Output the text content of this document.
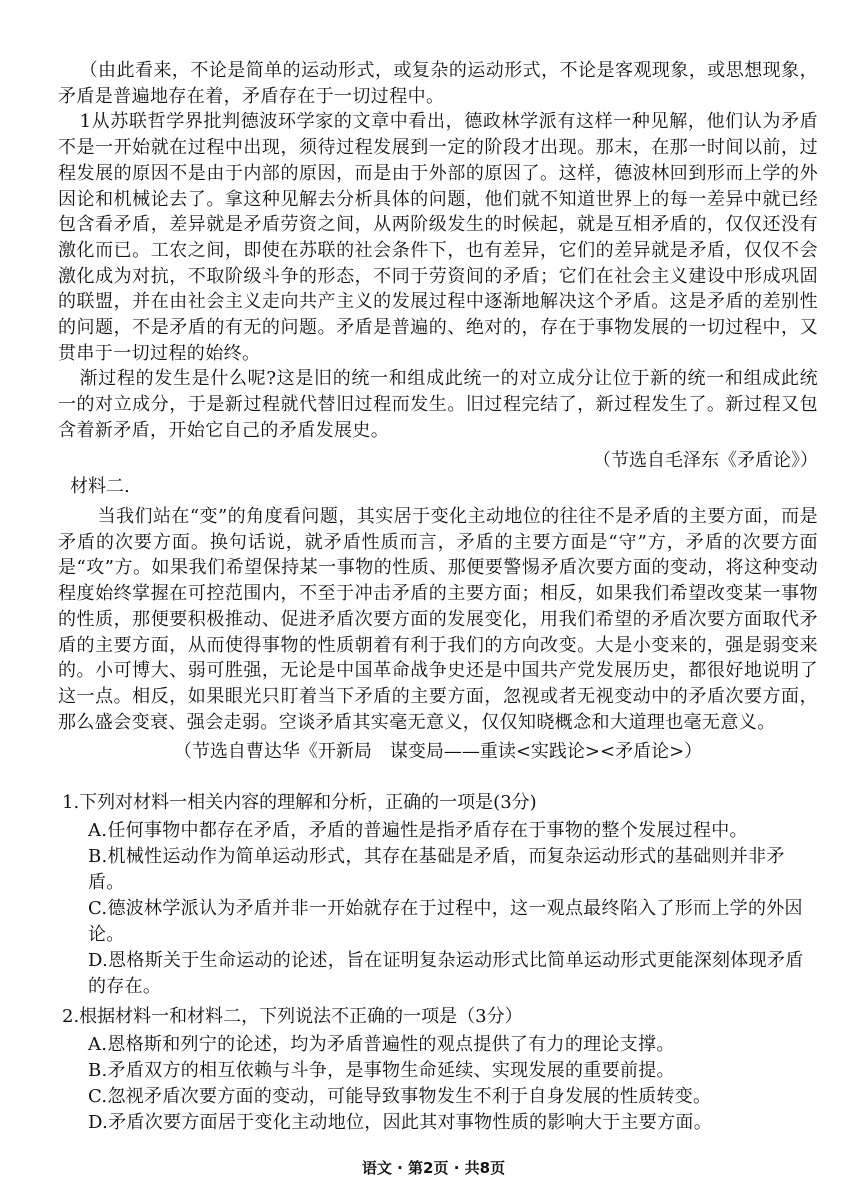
（由此看来，不论是简单的运动形式，或复杂的运动形式，不论是客观现象，或思想现象，矛盾是普遍地存在着，矛盾存在于一切过程中。

1从苏联哲学界批判德波环学家的文章中看出，德政林学派有这样一种见解，他们认为矛盾不是一开始就在过程中出现，须待过程发展到一定的阶段才出现。那末，在那一时间以前，过程发展的原因不是由于内部的原因，而是由于外部的原因了。这样，德波林回到形而上学的外因论和机械论去了。拿这种见解去分析具体的问题，他们就不知道世界上的每一差异中就已经包含看矛盾，差异就是矛盾劳资之间，从两阶级发生的时候起，就是互相矛盾的，仅仅还没有激化而已。工农之间，即使在苏联的社会条件下，也有差异，它们的差异就是矛盾，仅仅不会激化成为对抗，不取阶级斗争的形态，不同于劳资间的矛盾；它们在社会主义建设中形成巩固的联盟，并在由社会主义走向共产主义的发展过程中逐渐地解决这个矛盾。这是矛盾的差别性的问题，不是矛盾的有无的问题。矛盾是普遍的、绝对的，存在于事物发展的一切过程中，又贯串于一切过程的始终。

渐过程的发生是什么呢?这是旧的统一和组成此统一的对立成分让位于新的统一和组成此统一的对立成分，于是新过程就代替旧过程而发生。旧过程完结了，新过程发生了。新过程又包含着新矛盾，开始它自己的矛盾发展史。

（节选自毛泽东《矛盾论》）

材料二.

当我们站在“变”的角度看问题，其实居于变化主动地位的往往不是矛盾的主要方面，而是矛盾的次要方面。换句话说，就矛盾性质而言，矛盾的主要方面是“守”方，矛盾的次要方面是“攻”方。如果我们希望保持某一事物的性质、那便要警惕矛盾次要方面的变动，将这种变动程度始终掌握在可控范围内，不至于冲击矛盾的主要方面；相反，如果我们希望改变某一事物的性质，那便要积极推动、促进矛盾次要方面的发展变化，用我们希望的矛盾次要方面取代矛盾的主要方面，从而使得事物的性质朝着有利于我们的方向改变。大是小变来的，强是弱变来的。小可博大、弱可胜强，无论是中国革命战争史还是中国共产党发展历史，都很好地说明了这一点。相反，如果眼光只盯着当下矛盾的主要方面，忽视或者无视变动中的矛盾次要方面，那么盛会变衰、强会走弱。空谈矛盾其实毫无意义，仅仅知晓概念和大道理也毫无意义。

（节选自曹达华《开新局　谋变局——重读<实践论><矛盾论>）

1.下列对材料一相关内容的理解和分析，正确的一项是(3分)

A.任何事物中都存在矛盾，矛盾的普遍性是指矛盾存在于事物的整个发展过程中。

B.机械性运动作为简单运动形式，其存在基础是矛盾，而复杂运动形式的基础则并非矛盾。

C.德波林学派认为矛盾并非一开始就存在于过程中，这一观点最终陷入了形而上学的外因论。

D.恩格斯关于生命运动的论述，旨在证明复杂运动形式比简单运动形式更能深刻体现矛盾的存在。

2.根据材料一和材料二，下列说法不正确的一项是（3分）

A.恩格斯和列宁的论述，均为矛盾普遍性的观点提供了有力的理论支撑。

B.矛盾双方的相互依赖与斗争，是事物生命延续、实现发展的重要前提。

C.忽视矛盾次要方面的变动，可能导致事物发生不利于自身发展的性质转变。

D.矛盾次要方面居于变化主动地位，因此其对事物性质的影响大于主要方面。

语文 · 第2页 · 共8页
